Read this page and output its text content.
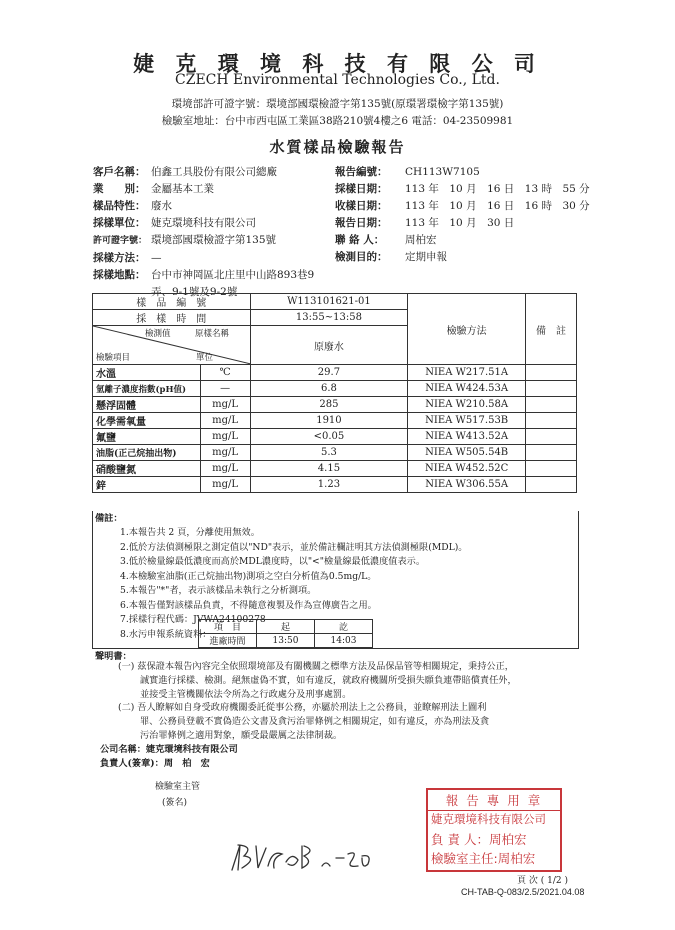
婕 克 環 境 科 技 有 限 公 司
CZECH Environmental Technologies Co., Ltd.
環境部許可證字號：環境部國環檢證字第135號(原環署環檢字第135號)
檢驗室地址：台中市西屯區工業區38路210號4樓之6 電話：04-23509981
水質樣品檢驗報告
客戶名稱： 伯鑫工具股份有限公司總廠
業　　別： 金屬基本工業
樣品特性： 廢水
採樣單位： 婕克環境科技有限公司
許可證字號： 環境部國環檢證字第135號
採樣方法： —
採樣地點： 台中市神岡區北庄里中山路893巷9
弄、9-1號及9-2號
報告編號： CH113W7105
採樣日期： 113 年　10 月　16 日　13 時　55 分
收樣日期： 113 年　10 月　16 日　16 時　30 分
報告日期： 113 年　10 月　30 日
聯 絡 人： 周柏宏
檢測目的： 定期申報
樣　品　編　號		W113101621-01	檢驗方法	備　註
採　樣　時　間		13:55~13:58		

檢測值 原樣名稱
檢驗項目 單位		原廢水		
水溫	℃	29.7	NIEA W217.51A	
氫離子濃度指數(pH值)	—	6.8	NIEA W424.53A	
懸浮固體	mg/L	285	NIEA W210.58A	
化學需氧量	mg/L	1910	NIEA W517.53B	
氟鹽	mg/L	<0.05	NIEA W413.52A	
油脂(正己烷抽出物)	mg/L	5.3	NIEA W505.54B	
硝酸鹽氮	mg/L	4.15	NIEA W452.52C	
鋅	mg/L	1.23	NIEA W306.55A	
備註：
1.本報告共 2 頁，分離使用無效。
2.低於方法偵測極限之測定值以"ND"表示，並於備註欄註明其方法偵測極限(MDL)。
3.低於檢量線最低濃度而高於MDL濃度時，以"<"檢量線最低濃度值表示。
4.本檢驗室油脂(正己烷抽出物)測項之空白分析值為0.5mg/L。
5.本報告"*"者，表示該樣品未執行之分析測項。
6.本報告僅對該樣品負責，不得隨意複製及作為宣傳廣告之用。
7.採樣行程代碼：JVWA24100278
8.水污申報系統資料：
項　目	起	訖
進廠時間	13:50	14:03
聲明書：
(一) 茲保證本報告內容完全依照環境部及有關機關之標準方法及品保品管等相關規定，秉持公正，
誠實進行採樣、檢測。絕無虛偽不實，如有違反，就政府機關所受損失願負連帶賠償責任外，
並接受主管機關依法令所為之行政處分及刑事處罰。
(二) 吾人瞭解如自身受政府機關委託從事公務，亦屬於刑法上之公務員，並瞭解刑法上圖利
罪、公務員登載不實偽造公文書及貪污治罪條例之相關規定，如有違反，亦為刑法及貪
污治罪條例之適用對象，願受最嚴厲之法律制裁。
公司名稱：婕克環境科技有限公司
負責人(簽章)：周　柏　宏
檢驗室主管
(簽名)	報 告 專 用 章
婕克環境科技有限公司
負 責 人：周柏宏
檢驗室主任:周柏宏
頁 次 ( 1/2 )
CH-TAB-Q-083/2.5/2021.04.08
